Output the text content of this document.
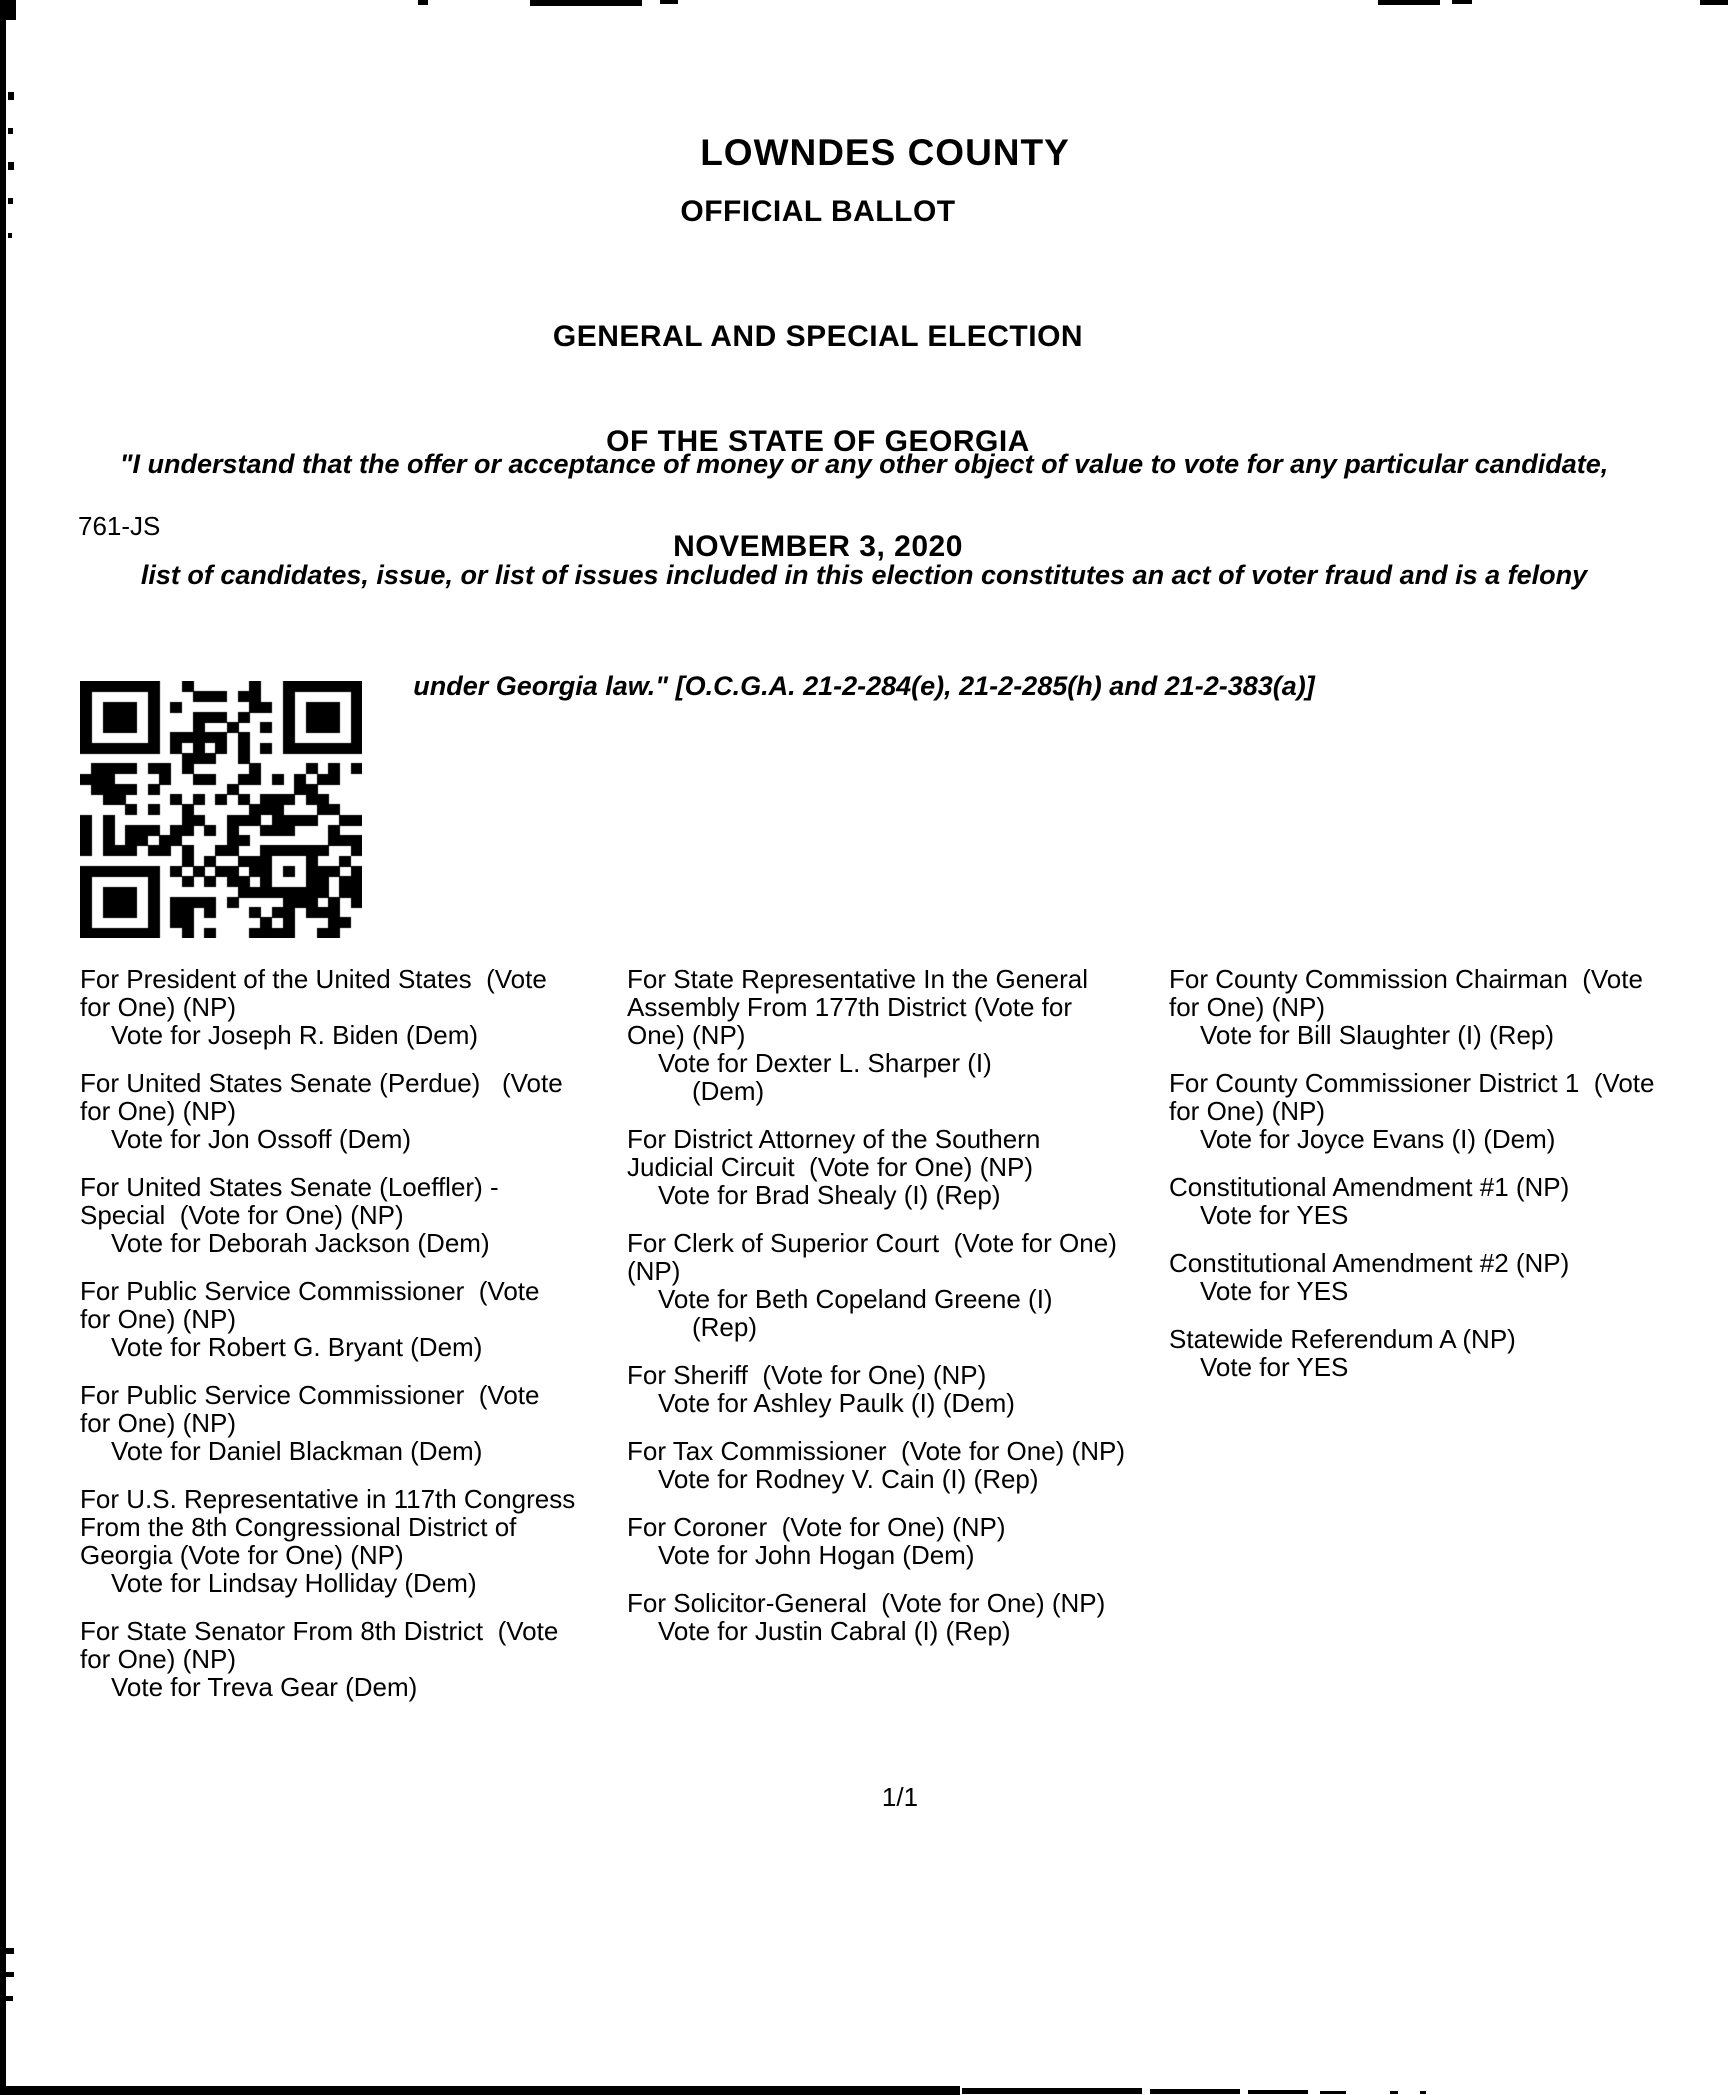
LOWNDES COUNTY
OFFICIAL BALLOT

GENERAL AND SPECIAL ELECTION

OF THE STATE OF GEORGIA

NOVEMBER 3, 2020

"I understand that the offer or acceptance of money or any other object of value to vote for any particular candidate,

list of candidates, issue, or list of issues included in this election constitutes an act of voter fraud and is a felony

under Georgia law." [O.C.G.A. 21-2-284(e), 21-2-285(h) and 21-2-383(a)]

761-JS
For President of the United States  (Vote
for One) (NP)
Vote for Joseph R. Biden (Dem)
For United States Senate (Perdue)   (Vote
for One) (NP)
Vote for Jon Ossoff (Dem)
For United States Senate (Loeffler) -
Special  (Vote for One) (NP)
Vote for Deborah Jackson (Dem)
For Public Service Commissioner  (Vote
for One) (NP)
Vote for Robert G. Bryant (Dem)
For Public Service Commissioner  (Vote
for One) (NP)
Vote for Daniel Blackman (Dem)
For U.S. Representative in 117th Congress
From the 8th Congressional District of
Georgia (Vote for One) (NP)
Vote for Lindsay Holliday (Dem)
For State Senator From 8th District  (Vote
for One) (NP)
Vote for Treva Gear (Dem)
For State Representative In the General
Assembly From 177th District (Vote for
One) (NP)
Vote for Dexter L. Sharper (I)
(Dem)
For District Attorney of the Southern
Judicial Circuit  (Vote for One) (NP)
Vote for Brad Shealy (I) (Rep)
For Clerk of Superior Court  (Vote for One)
(NP)
Vote for Beth Copeland Greene (I)
(Rep)
For Sheriff  (Vote for One) (NP)
Vote for Ashley Paulk (I) (Dem)
For Tax Commissioner  (Vote for One) (NP)
Vote for Rodney V. Cain (I) (Rep)
For Coroner  (Vote for One) (NP)
Vote for John Hogan (Dem)
For Solicitor-General  (Vote for One) (NP)
Vote for Justin Cabral (I) (Rep)
For County Commission Chairman  (Vote
for One) (NP)
Vote for Bill Slaughter (I) (Rep)
For County Commissioner District 1  (Vote
for One) (NP)
Vote for Joyce Evans (I) (Dem)
Constitutional Amendment #1 (NP)
Vote for YES
Constitutional Amendment #2 (NP)
Vote for YES
Statewide Referendum A (NP)
Vote for YES
1/1
